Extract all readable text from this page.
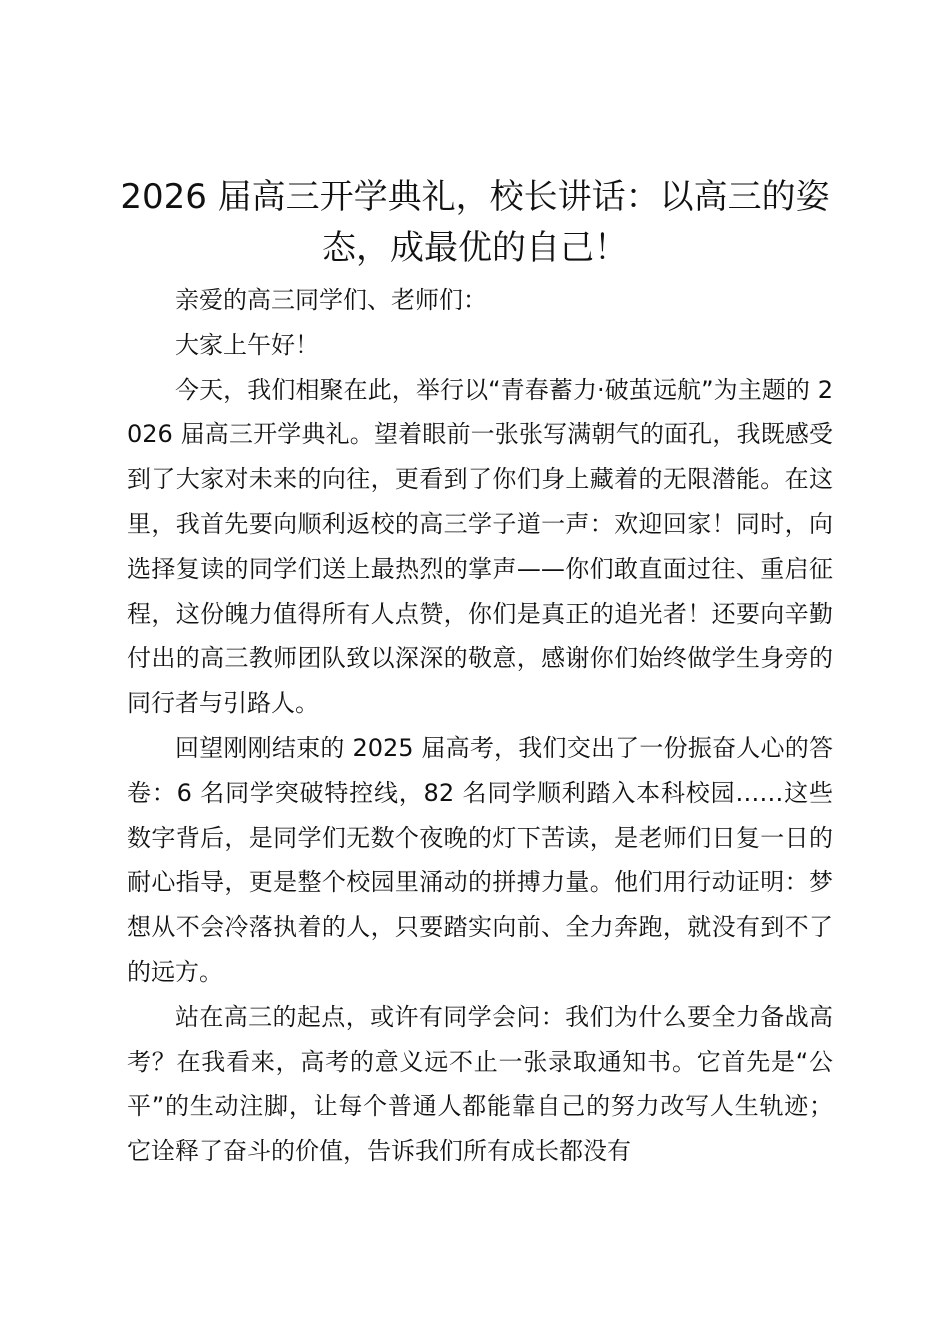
2026 届高三开学典礼，校长讲话：以高三的姿态，成最优的自己！

亲爱的高三同学们、老师们：

大家上午好！

今天，我们相聚在此，举行以“青春蓄力·破茧远航”为主题的 2026 届高三开学典礼。望着眼前一张张写满朝气的面孔，我既感受到了大家对未来的向往，更看到了你们身上藏着的无限潜能。在这里，我首先要向顺利返校的高三学子道一声：欢迎回家！同时，向选择复读的同学们送上最热烈的掌声——你们敢直面过往、重启征程，这份魄力值得所有人点赞，你们是真正的追光者！还要向辛勤付出的高三教师团队致以深深的敬意，感谢你们始终做学生身旁的同行者与引路人。

回望刚刚结束的 2025 届高考，我们交出了一份振奋人心的答卷：6 名同学突破特控线，82 名同学顺利踏入本科校园……这些数字背后，是同学们无数个夜晚的灯下苦读，是老师们日复一日的耐心指导，更是整个校园里涌动的拼搏力量。他们用行动证明：梦想从不会冷落执着的人，只要踏实向前、全力奔跑，就没有到不了的远方。

站在高三的起点，或许有同学会问：我们为什么要全力备战高考？在我看来，高考的意义远不止一张录取通知书。它首先是“公平”的生动注脚，让每个普通人都能靠自己的努力改写人生轨迹；它诠释了奋斗的价值，告诉我们所有成长都没有
